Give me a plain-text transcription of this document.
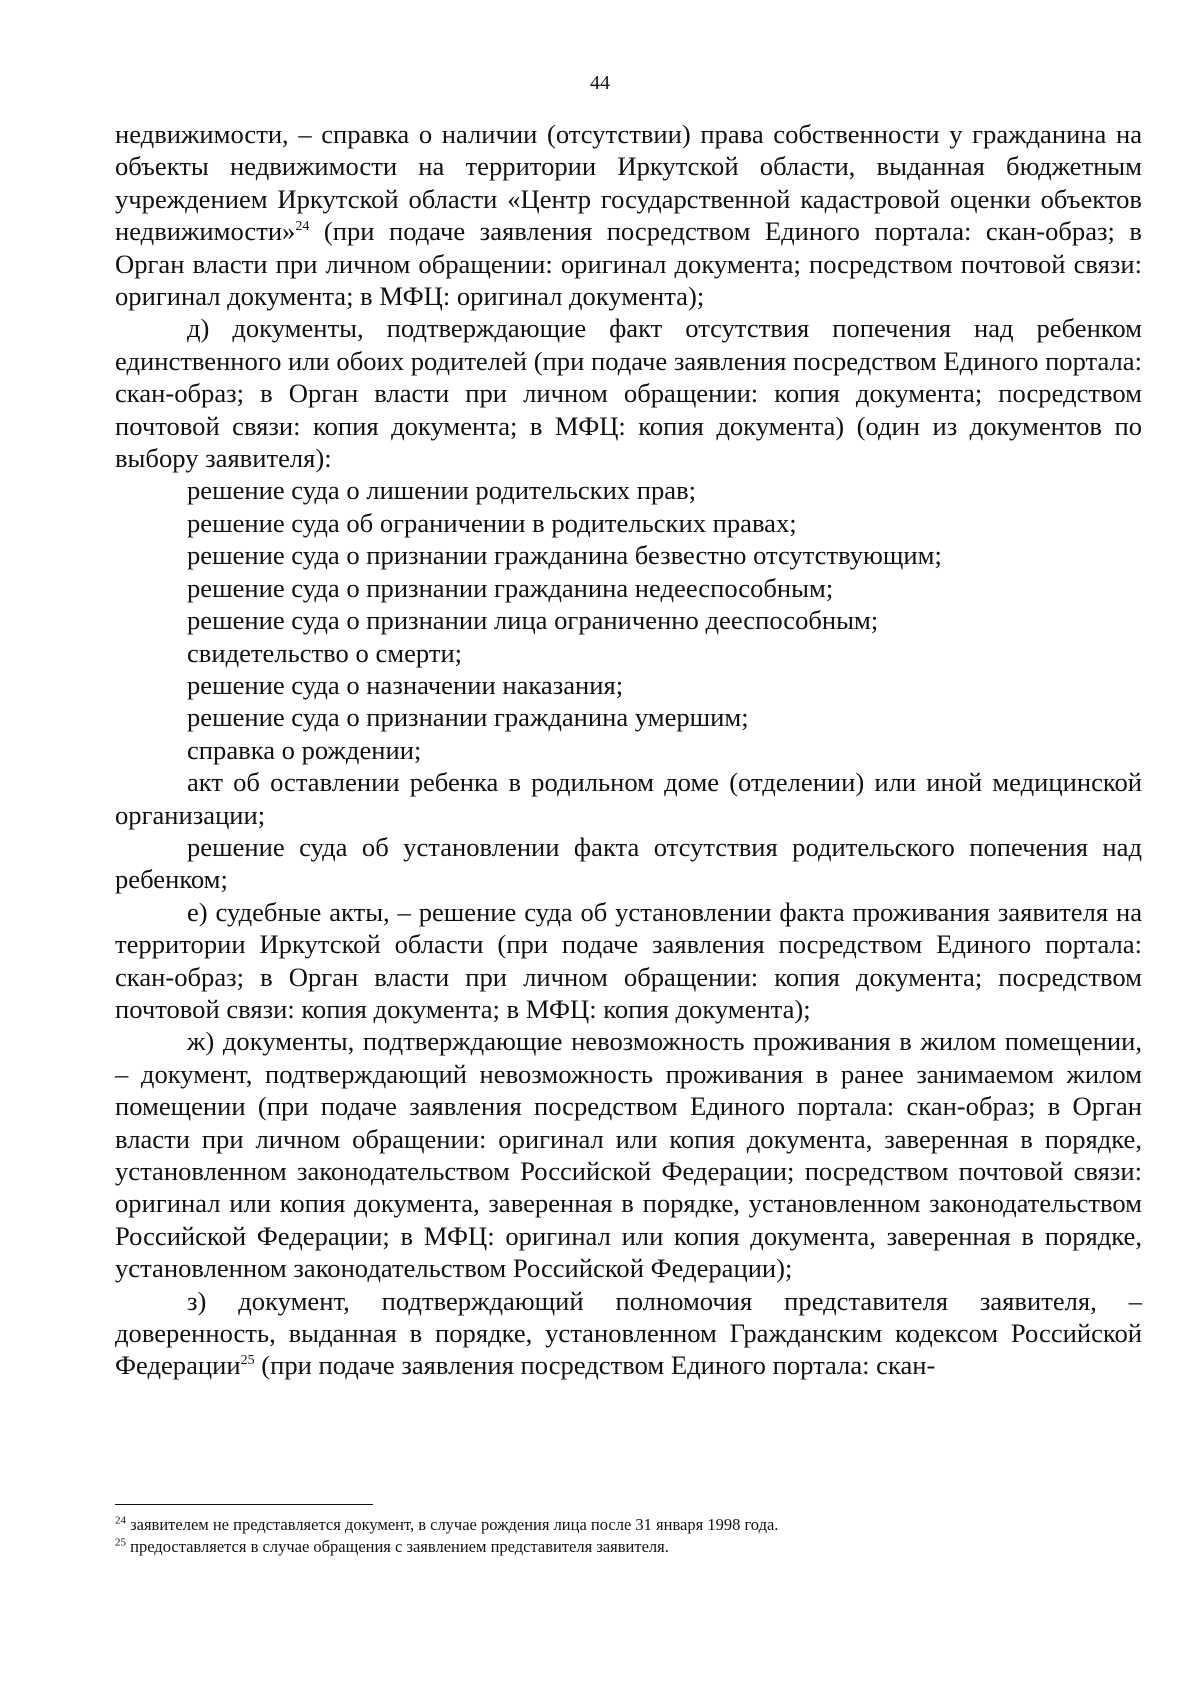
44

недвижимости, – справка о наличии (отсутствии) права собственности у гражданина на объекты недвижимости на территории Иркутской области, выданная бюджетным учреждением Иркутской области «Центр государственной кадастровой оценки объектов недвижимости»$^{24}$ (при подаче заявления посредством Единого портала: скан-образ; в Орган власти при личном обращении: оригинал документа; посредством почтовой связи: оригинал документа; в МФЦ: оригинал документа);

д) документы, подтверждающие факт отсутствия попечения над ребенком единственного или обоих родителей (при подаче заявления посредством Единого портала: скан-образ; в Орган власти при личном обращении: копия документа; посредством почтовой связи: копия документа; в МФЦ: копия документа) (один из документов по выбору заявителя):

решение суда о лишении родительских прав;

решение суда об ограничении в родительских правах;

решение суда о признании гражданина безвестно отсутствующим;

решение суда о признании гражданина недееспособным;

решение суда о признании лица ограниченно дееспособным;

свидетельство о смерти;

решение суда о назначении наказания;

решение суда о признании гражданина умершим;

справка о рождении;

акт об оставлении ребенка в родильном доме (отделении) или иной медицинской организации;

решение суда об установлении факта отсутствия родительского попечения над ребенком;

е) судебные акты, – решение суда об установлении факта проживания заявителя на территории Иркутской области (при подаче заявления посредством Единого портала: скан-образ; в Орган власти при личном обращении: копия документа; посредством почтовой связи: копия документа; в МФЦ: копия документа);

ж) документы, подтверждающие невозможность проживания в жилом помещении, – документ, подтверждающий невозможность проживания в ранее занимаемом жилом помещении (при подаче заявления посредством Единого портала: скан-образ; в Орган власти при личном обращении: оригинал или копия документа, заверенная в порядке, установленном законодательством Российской Федерации; посредством почтовой связи: оригинал или копия документа, заверенная в порядке, установленном законодательством Российской Федерации; в МФЦ: оригинал или копия документа, заверенная в порядке, установленном законодательством Российской Федерации);

з) документ, подтверждающий полномочия представителя заявителя, – доверенность, выданная в порядке, установленном Гражданским кодексом Российской Федерации$^{25}$ (при подаче заявления посредством Единого портала: скан-

$^{24}$ заявителем не представляется документ, в случае рождения лица после 31 января 1998 года.

$^{25}$ предоставляется в случае обращения с заявлением представителя заявителя.
